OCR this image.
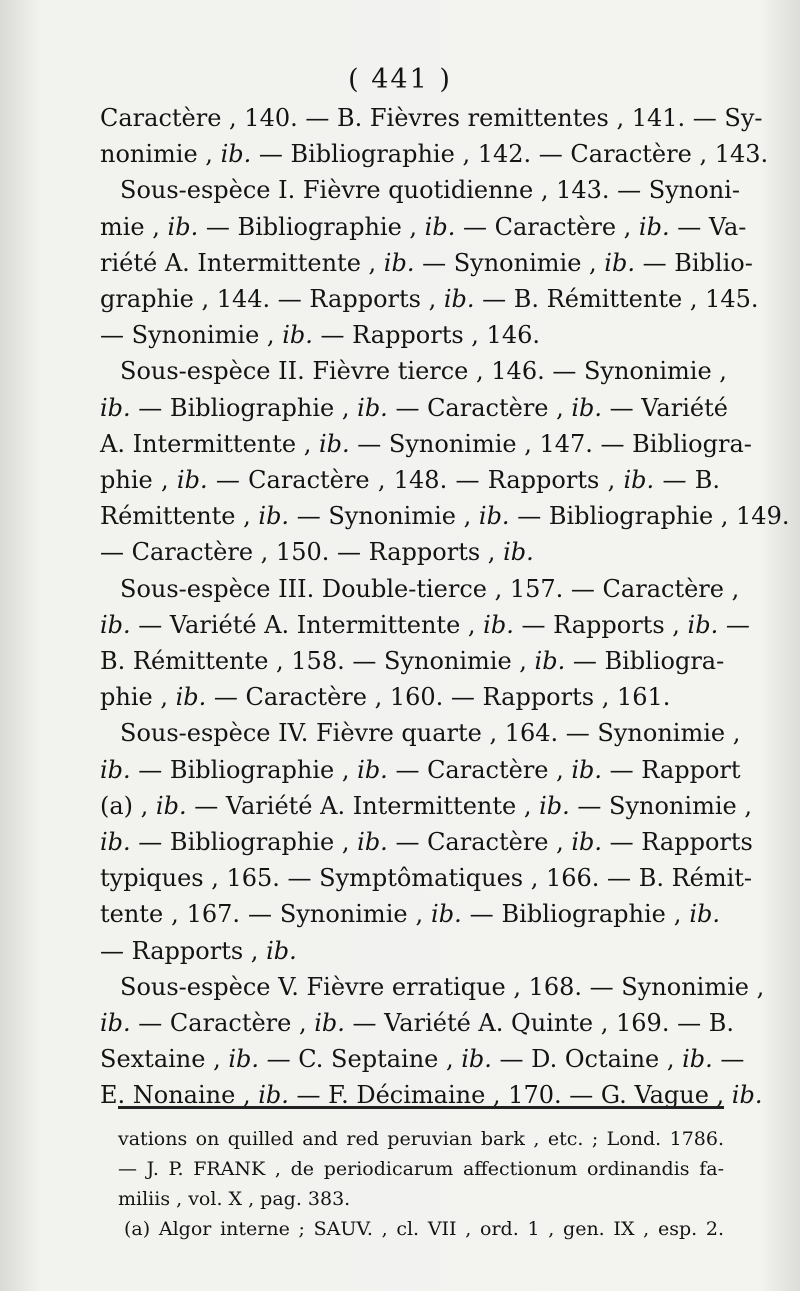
( 441 )
Caractère , 140. — B. Fièvres remittentes , 141. — Sy-
nonimie , ib. — Bibliographie , 142. — Caractère , 143.
Sous-espèce I. Fièvre quotidienne , 143. — Synoni-
mie , ib. — Bibliographie , ib. — Caractère , ib. — Va-
riété A. Intermittente , ib. — Synonimie , ib. — Biblio-
graphie , 144. — Rapports , ib. — B. Rémittente , 145.
— Synonimie , ib. — Rapports , 146.
Sous-espèce II. Fièvre tierce , 146. — Synonimie ,
ib. — Bibliographie , ib. — Caractère , ib. — Variété
A. Intermittente , ib. — Synonimie , 147. — Bibliogra-
phie , ib. — Caractère , 148. — Rapports , ib. — B.
Rémittente , ib. — Synonimie , ib. — Bibliographie , 149.
— Caractère , 150. — Rapports , ib.
Sous-espèce III. Double-tierce , 157. — Caractère ,
ib. — Variété A. Intermittente , ib. — Rapports , ib. —
B. Rémittente , 158. — Synonimie , ib. — Bibliogra-
phie , ib. — Caractère , 160. — Rapports , 161.
Sous-espèce IV. Fièvre quarte , 164. — Synonimie ,
ib. — Bibliographie , ib. — Caractère , ib. — Rapport
(a) , ib. — Variété A. Intermittente , ib. — Synonimie ,
ib. — Bibliographie , ib. — Caractère , ib. — Rapports
typiques , 165. — Symptômatiques , 166. — B. Rémit-
tente , 167. — Synonimie , ib. — Bibliographie , ib.
— Rapports , ib.
Sous-espèce V. Fièvre erratique , 168. — Synonimie ,
ib. — Caractère , ib. — Variété A. Quinte , 169. — B.
Sextaine , ib. — C. Septaine , ib. — D. Octaine , ib. —
E. Nonaine , ib. — F. Décimaine , 170. — G. Vague , ib.
vations on quilled and red peruvian bark , etc. ; Lond. 1786.
— J. P. FRANK , de periodicarum affectionum ordinandis fa-
miliis , vol. X , pag. 383.
(a) Algor interne ; SAUV. , cl. VII , ord. 1 , gen. IX , esp. 2.
